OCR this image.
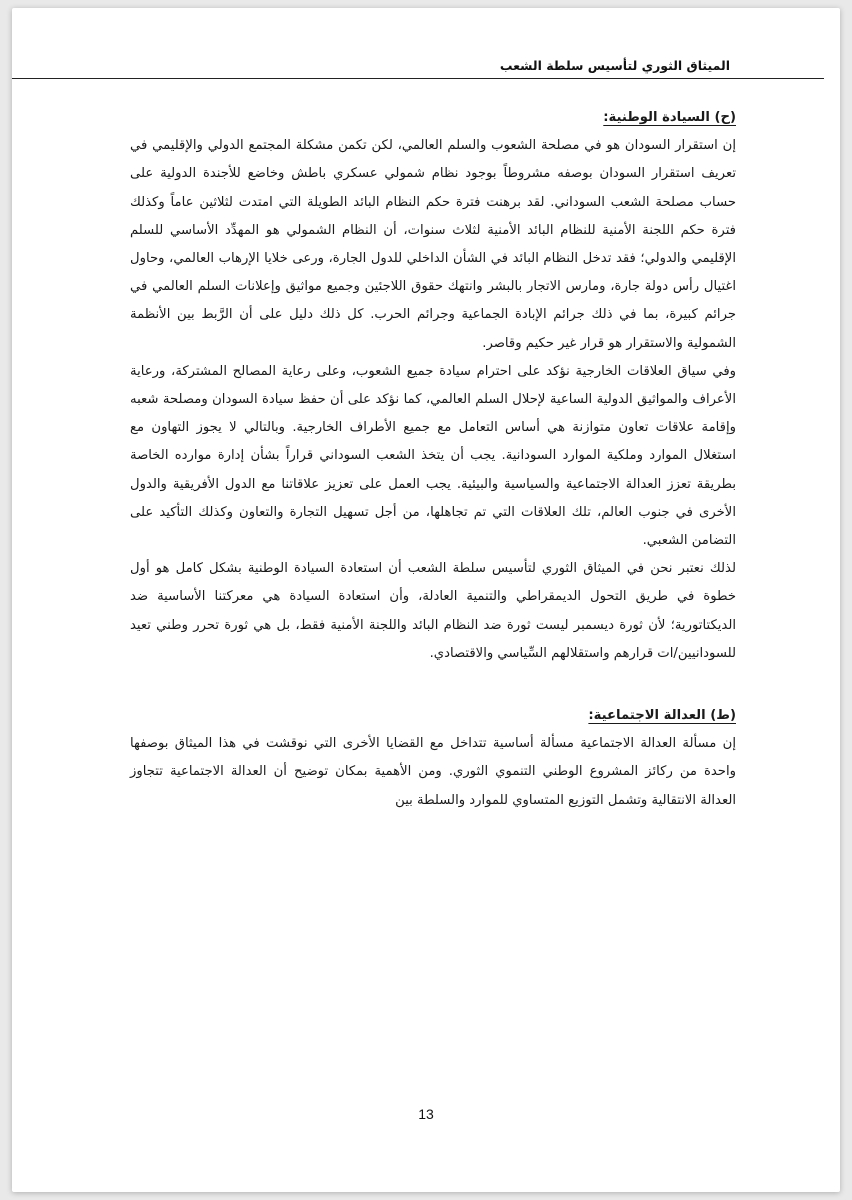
الميثاق الثوري لتأسيس سلطة الشعب

(ح) السيادة الوطنية:

إن استقرار السودان هو في مصلحة الشعوب والسلم العالمي، لكن تكمن مشكلة المجتمع الدولي والإقليمي في تعريف استقرار السودان بوصفه مشروطاً بوجود نظام شمولي عسكري باطش وخاضع للأجندة الدولية على حساب مصلحة الشعب السوداني. لقد برهنت فترة حكم النظام البائد الطويلة التي امتدت لثلاثين عاماً وكذلك فترة حكم اللجنة الأمنية للنظام البائد الأمنية لثلاث سنوات، أن النظام الشمولي هو المهدِّد الأساسي للسلم الإقليمي والدولي؛ فقد تدخل النظام البائد في الشأن الداخلي للدول الجارة، ورعى خلايا الإرهاب العالمي، وحاول اغتيال رأس دولة جارة، ومارس الاتجار بالبشر وانتهك حقوق اللاجئين وجميع مواثيق وإعلانات السلم العالمي في جرائم كبيرة، بما في ذلك جرائم الإبادة الجماعية وجرائم الحرب. كل ذلك دليل على أن الرَّبط بين الأنظمة الشمولية والاستقرار هو قرار غير حكيم وقاصر.

وفي سياق العلاقات الخارجية نؤكد على احترام سيادة جميع الشعوب، وعلى رعاية المصالح المشتركة، ورعاية الأعراف والمواثيق الدولية الساعية لإحلال السلم العالمي، كما نؤكد على أن حفظ سيادة السودان ومصلحة شعبه وإقامة علاقات تعاون متوازنة هي أساس التعامل مع جميع الأطراف الخارجية. وبالتالي لا يجوز التهاون مع استغلال الموارد وملكية الموارد السودانية. يجب أن يتخذ الشعب السوداني قراراً بشأن إدارة موارده الخاصة بطريقة تعزز العدالة الاجتماعية والسياسية والبيئية. يجب العمل على تعزيز علاقاتنا مع الدول الأفريقية والدول الأخرى في جنوب العالم، تلك العلاقات التي تم تجاهلها، من أجل تسهيل التجارة والتعاون وكذلك التأكيد على التضامن الشعبي.

لذلك نعتبر نحن في الميثاق الثوري لتأسيس سلطة الشعب أن استعادة السيادة الوطنية بشكل كامل هو أول خطوة في طريق التحول الديمقراطي والتنمية العادلة، وأن استعادة السيادة هي معركتنا الأساسية ضد الديكتاتورية؛ لأن ثورة ديسمبر ليست ثورة ضد النظام البائد واللجنة الأمنية فقط، بل هي ثورة تحرر وطني تعيد للسودانيين/ات قرارهم واستقلالهم السِّياسي والاقتصادي.

(ط) العدالة الاجتماعية:

إن مسألة العدالة الاجتماعية مسألة أساسية تتداخل مع القضايا الأخرى التي نوقشت في هذا الميثاق بوصفها واحدة من ركائز المشروع الوطني التنموي الثوري. ومن الأهمية بمكان توضيح أن العدالة الاجتماعية تتجاوز العدالة الانتقالية وتشمل التوزيع المتساوي للموارد والسلطة بين

13
